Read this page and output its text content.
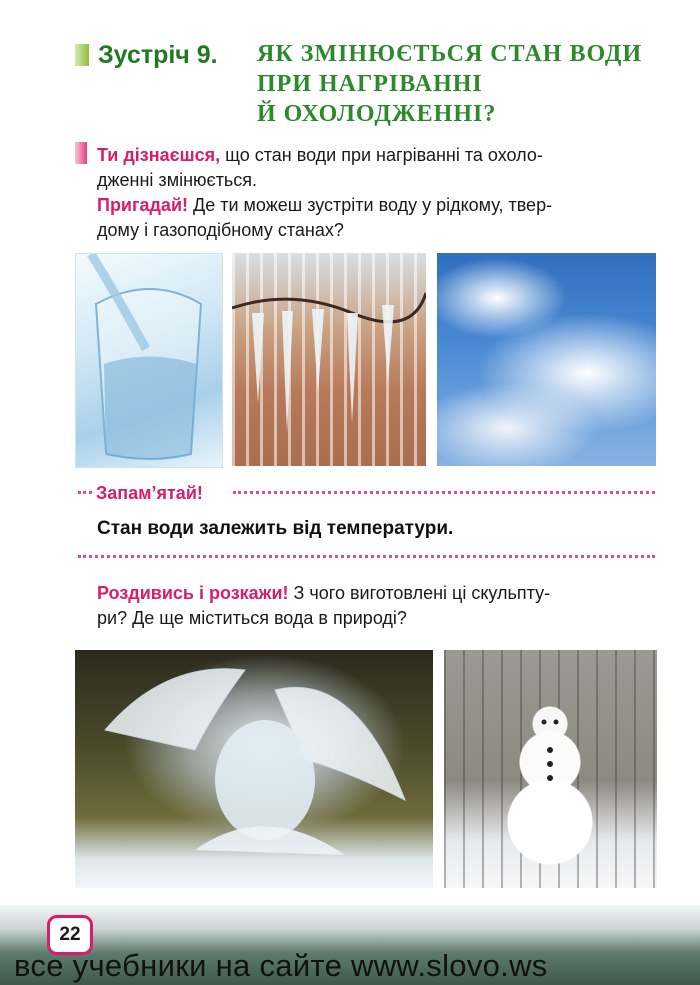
Зустріч 9. ЯК ЗМІНЮЄТЬСЯ СТАН ВОДИ
ПРИ НАГРІВАННІ
Й ОХОЛОДЖЕННІ?
Ти дізнаєшся, що стан води при нагріванні та охоло-
дженні змінюється.
Пригадай! Де ти можеш зустріти воду у рідкому, твер-
дому і газоподібному станах?
Запам’ятай!
Стан води залежить від температури.
Роздивись і розкажи! З чого виготовлені ці скульпту-
ри? Де ще міститься вода в природі?
22
все учебники на сайте www.slovo.ws
